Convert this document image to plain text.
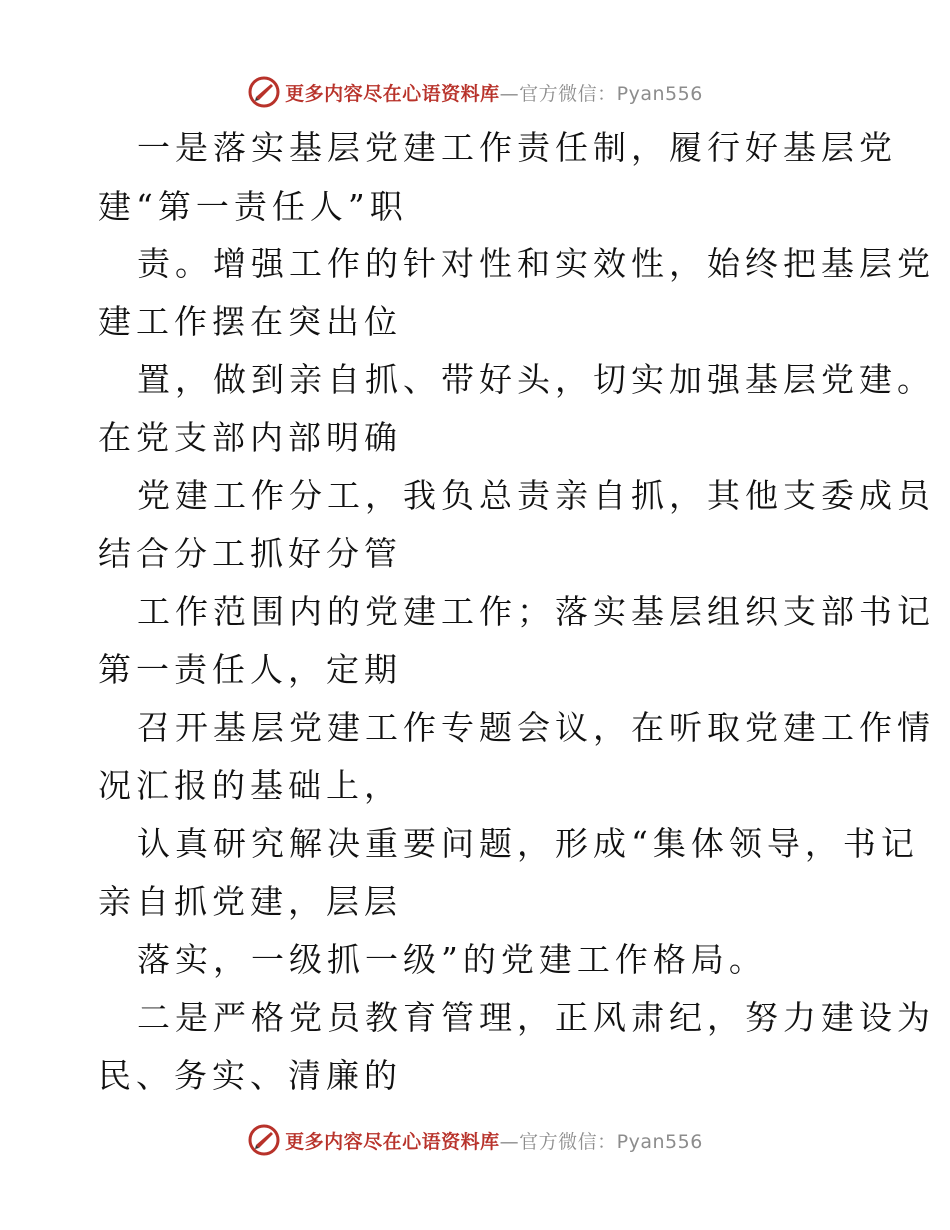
更多内容尽在心语资料库—官方微信：Pyan556
一是落实基层党建工作责任制，履行好基层党
建“第一责任人”职
责。增强工作的针对性和实效性，始终把基层党
建工作摆在突出位
置，做到亲自抓、带好头，切实加强基层党建。
在党支部内部明确
党建工作分工，我负总责亲自抓，其他支委成员
结合分工抓好分管
工作范围内的党建工作；落实基层组织支部书记
第一责任人，定期
召开基层党建工作专题会议，在听取党建工作情
况汇报的基础上，
认真研究解决重要问题，形成“集体领导，书记
亲自抓党建，层层
落实，一级抓一级”的党建工作格局。
二是严格党员教育管理，正风肃纪，努力建设为
民、务实、清廉的
更多内容尽在心语资料库—官方微信：Pyan556
